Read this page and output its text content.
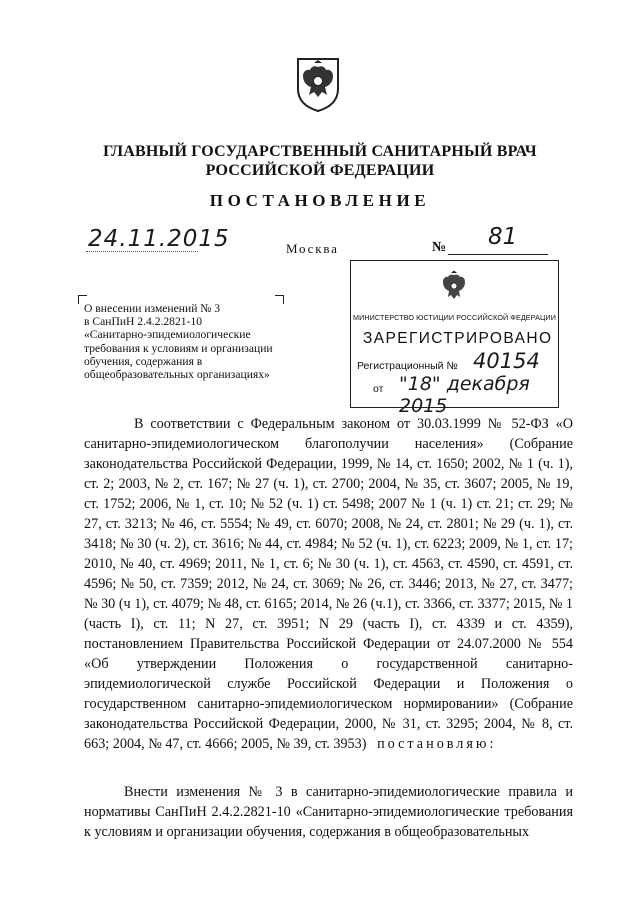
ГЛАВНЫЙ ГОСУДАРСТВЕННЫЙ САНИТАРНЫЙ ВРАЧ
РОССИЙСКОЙ ФЕДЕРАЦИИ
ПОСТАНОВЛЕНИЕ
24.11.2015	Москва	№ 81
О внесении изменений № 3
в СанПиН 2.4.2.2821-10
«Санитарно-эпидемиологические
требования к условиям и организации
обучения, содержания в
общеобразовательных организациях»
МИНИСТЕРСТВО ЮСТИЦИИ РОССИЙСКОЙ ФЕДЕРАЦИИ
ЗАРЕГИСТРИРОВАНО
Регистрационный № 40154
от "18" декабря 2015
В соответствии с Федеральным законом от 30.03.1999 № 52-ФЗ «О санитарно-эпидемиологическом благополучии населения» (Собрание законодательства Российской Федерации, 1999, № 14, ст. 1650; 2002, № 1 (ч. 1), ст. 2; 2003, № 2, ст. 167; № 27 (ч. 1), ст. 2700; 2004, № 35, ст. 3607; 2005, № 19, ст. 1752; 2006, № 1, ст. 10; № 52 (ч. 1) ст. 5498; 2007 № 1 (ч. 1) ст. 21; ст. 29; № 27, ст. 3213; № 46, ст. 5554; № 49, ст. 6070; 2008, № 24, ст. 2801; № 29 (ч. 1), ст. 3418; № 30 (ч. 2), ст. 3616; № 44, ст. 4984; № 52 (ч. 1), ст. 6223; 2009, № 1, ст. 17; 2010, № 40, ст. 4969; 2011, № 1, ст. 6; № 30 (ч. 1), ст. 4563, ст. 4590, ст. 4591, ст. 4596; № 50, ст. 7359; 2012, № 24, ст. 3069; № 26, ст. 3446; 2013, № 27, ст. 3477; № 30 (ч 1), ст. 4079; № 48, ст. 6165; 2014, № 26 (ч.1), ст. 3366, ст. 3377; 2015, № 1 (часть I), ст. 11; N 27, ст. 3951; N 29 (часть I), ст. 4339 и ст. 4359), постановлением Правительства Российской Федерации от 24.07.2000 № 554 «Об утверждении Положения о государственной санитарно-эпидемиологической службе Российской Федерации и Положения о государственном санитарно-эпидемиологическом нормировании» (Собрание законодательства Российской Федерации, 2000, № 31, ст. 3295; 2004, № 8, ст. 663; 2004, № 47, ст. 4666; 2005, № 39, ст. 3953) постановляю:
Внести изменения № 3 в санитарно-эпидемиологические правила и нормативы СанПиН 2.4.2.2821-10 «Санитарно-эпидемиологические требования к условиям и организации обучения, содержания в общеобразовательных
